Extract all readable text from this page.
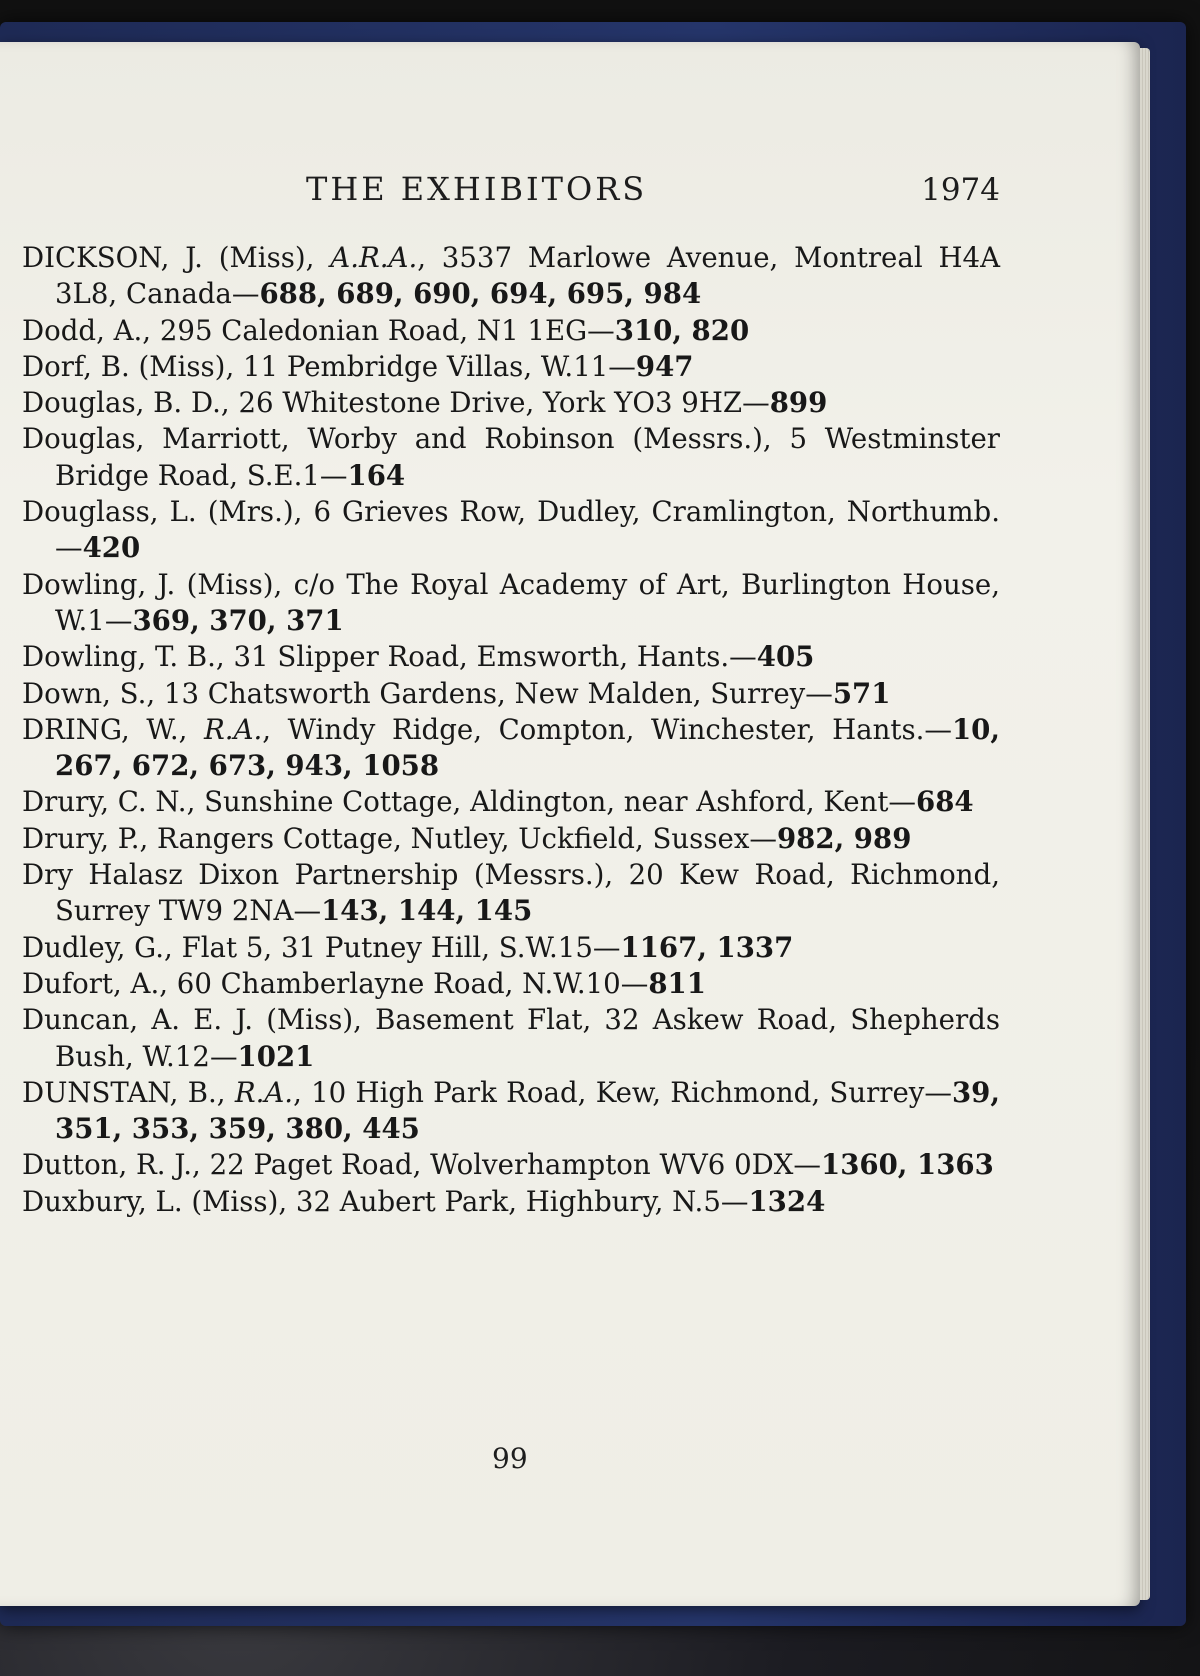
THE EXHIBITORS	1974
DICKSON, J. (Miss), A.R.A., 3537 Marlowe Avenue, Montreal H4A 3L8, Canada—688, 689, 690, 694, 695, 984
Dodd, A., 295 Caledonian Road, N1 1EG—310, 820
Dorf, B. (Miss), 11 Pembridge Villas, W.11—947
Douglas, B. D., 26 Whitestone Drive, York YO3 9HZ—899
Douglas, Marriott, Worby and Robinson (Messrs.), 5 Westminster Bridge Road, S.E.1—164
Douglass, L. (Mrs.), 6 Grieves Row, Dudley, Cramlington, Northumb.—420
Dowling, J. (Miss), c/o The Royal Academy of Art, Burlington House, W.1—369, 370, 371
Dowling, T. B., 31 Slipper Road, Emsworth, Hants.—405
Down, S., 13 Chatsworth Gardens, New Malden, Surrey—571
DRING, W., R.A., Windy Ridge, Compton, Winchester, Hants.—10, 267, 672, 673, 943, 1058
Drury, C. N., Sunshine Cottage, Aldington, near Ashford, Kent—684
Drury, P., Rangers Cottage, Nutley, Uckfield, Sussex—982, 989
Dry Halasz Dixon Partnership (Messrs.), 20 Kew Road, Richmond, Surrey TW9 2NA—143, 144, 145
Dudley, G., Flat 5, 31 Putney Hill, S.W.15—1167, 1337
Dufort, A., 60 Chamberlayne Road, N.W.10—811
Duncan, A. E. J. (Miss), Basement Flat, 32 Askew Road, Shepherds Bush, W.12—1021
DUNSTAN, B., R.A., 10 High Park Road, Kew, Richmond, Surrey—39, 351, 353, 359, 380, 445
Dutton, R. J., 22 Paget Road, Wolverhampton WV6 0DX—1360, 1363
Duxbury, L. (Miss), 32 Aubert Park, Highbury, N.5—1324
99
